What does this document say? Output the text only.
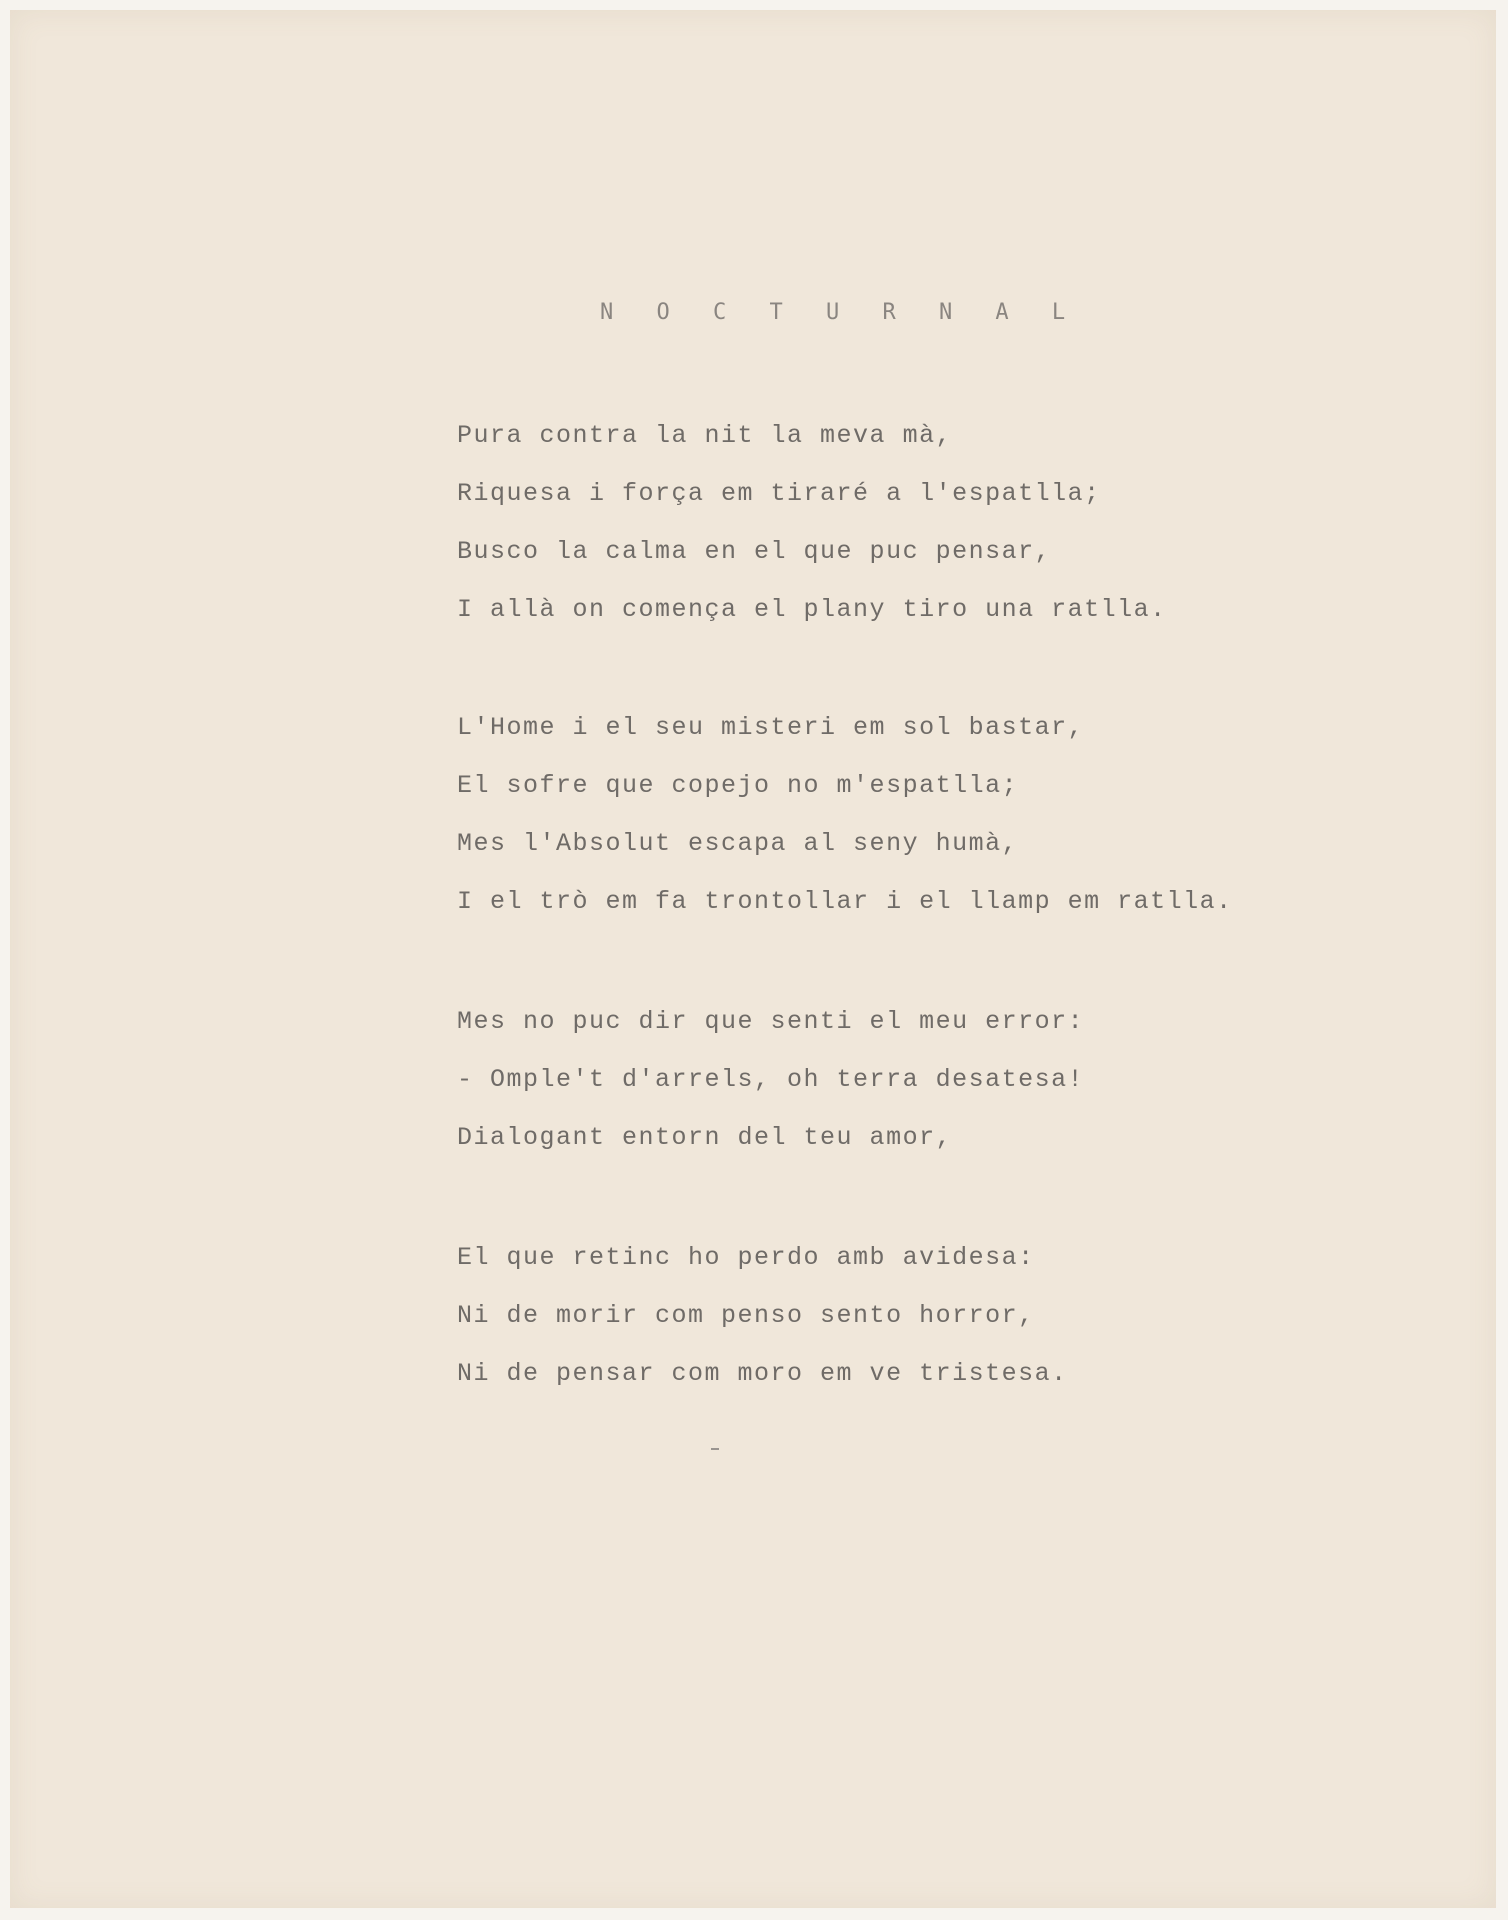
N O C T U R N A L
Pura contra la nit la meva mà,
Riquesa i força em tiraré a l'espatlla;
Busco la calma en el que puc pensar,
I allà on comença el plany tiro una ratlla.
L'Home i el seu misteri em sol bastar,
El sofre que copejo no m'espatlla;
Mes l'Absolut escapa al seny humà,
I el trò em fa trontollar i el llamp em ratlla.
Mes no puc dir que senti el meu error:
- Omple't d'arrels, oh terra desatesa!
Dialogant entorn del teu amor,
El que retinc ho perdo amb avidesa:
Ni de morir com penso sento horror,
Ni de pensar com moro em ve tristesa.
